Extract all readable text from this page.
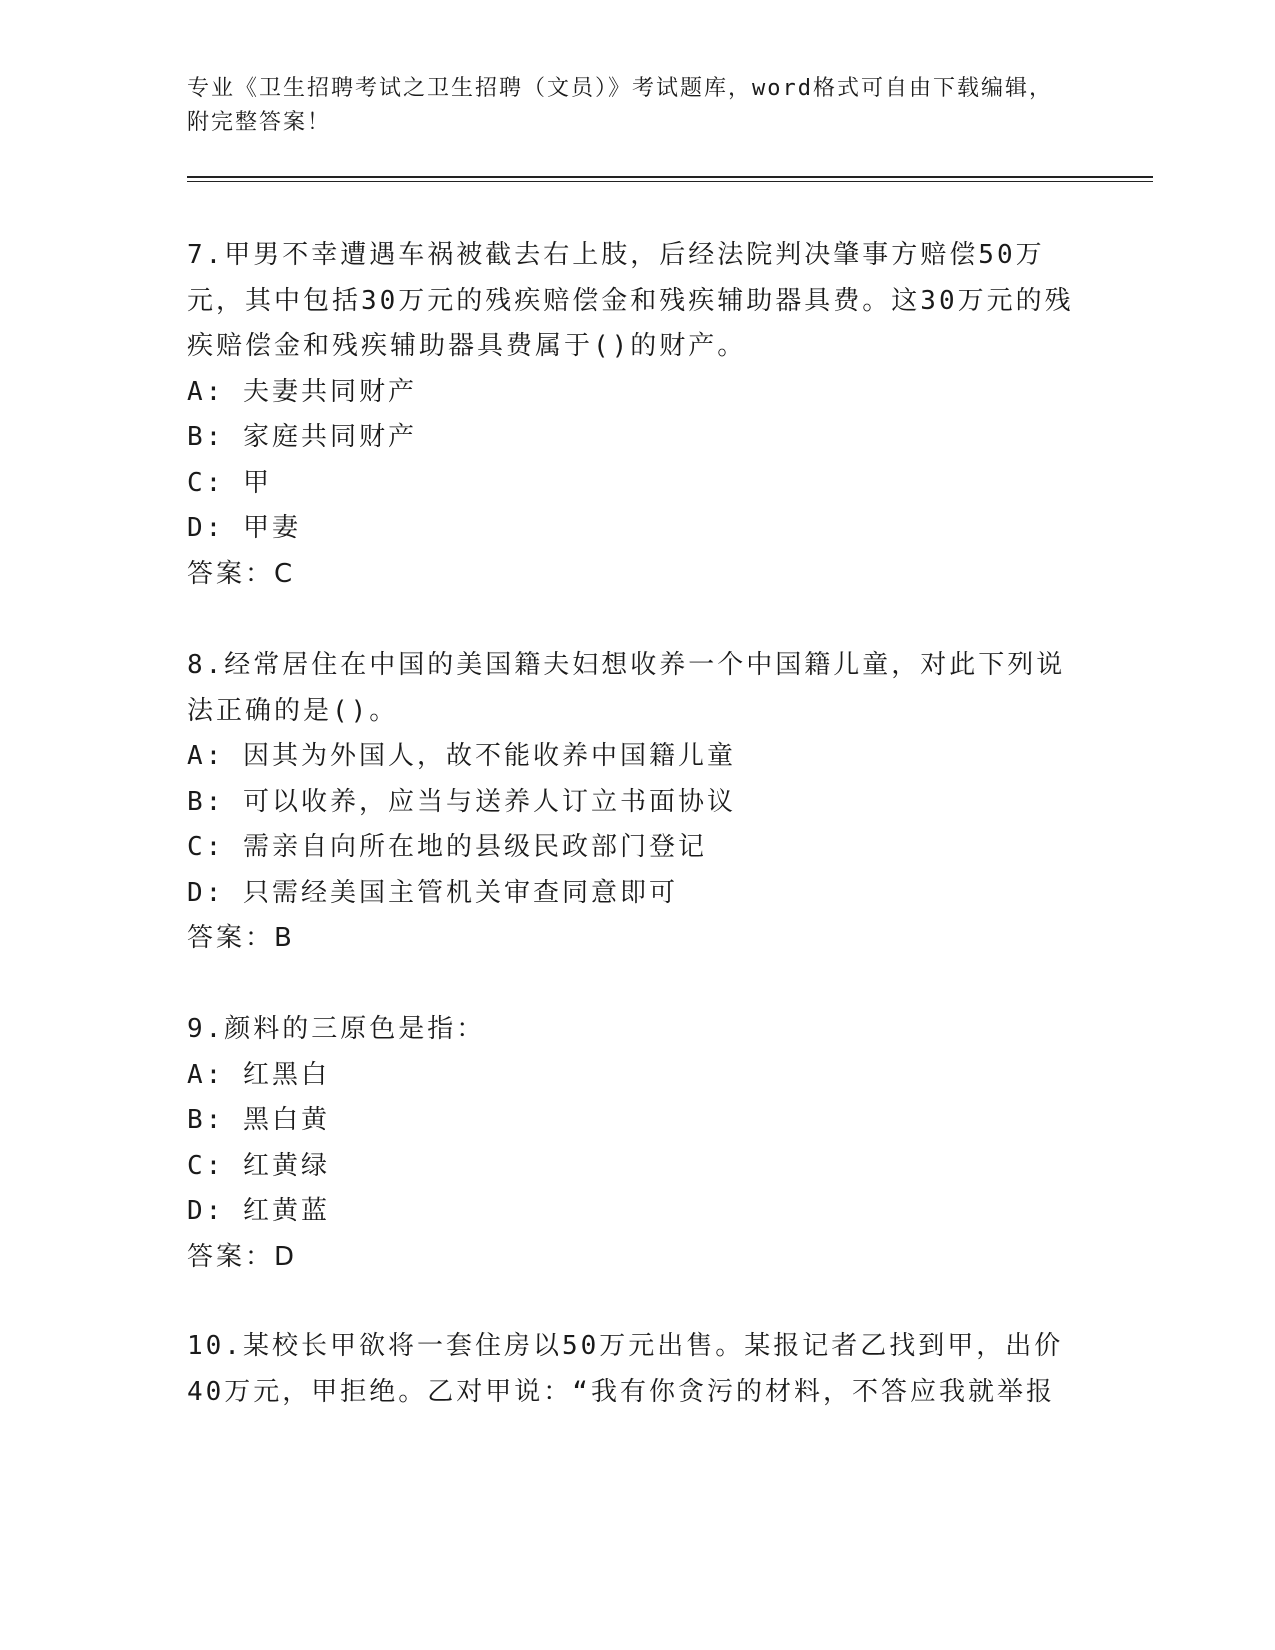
专业《卫生招聘考试之卫生招聘（文员）》考试题库，word格式可自由下载编辑，附完整答案！

7.甲男不幸遭遇车祸被截去右上肢，后经法院判决肇事方赔偿50万元，其中包括30万元的残疾赔偿金和残疾辅助器具费。这30万元的残疾赔偿金和残疾辅助器具费属于()的财产。

A: 夫妻共同财产

B: 家庭共同财产

C: 甲

D: 甲妻

答案：C

8.经常居住在中国的美国籍夫妇想收养一个中国籍儿童，对此下列说法正确的是()。

A: 因其为外国人，故不能收养中国籍儿童

B: 可以收养，应当与送养人订立书面协议

C: 需亲自向所在地的县级民政部门登记

D: 只需经美国主管机关审查同意即可

答案：B

9.颜料的三原色是指：

A: 红黑白

B: 黑白黄

C: 红黄绿

D: 红黄蓝

答案：D

10.某校长甲欲将一套住房以50万元出售。某报记者乙找到甲，出价40万元，甲拒绝。乙对甲说：“我有你贪污的材料，不答应我就举报
